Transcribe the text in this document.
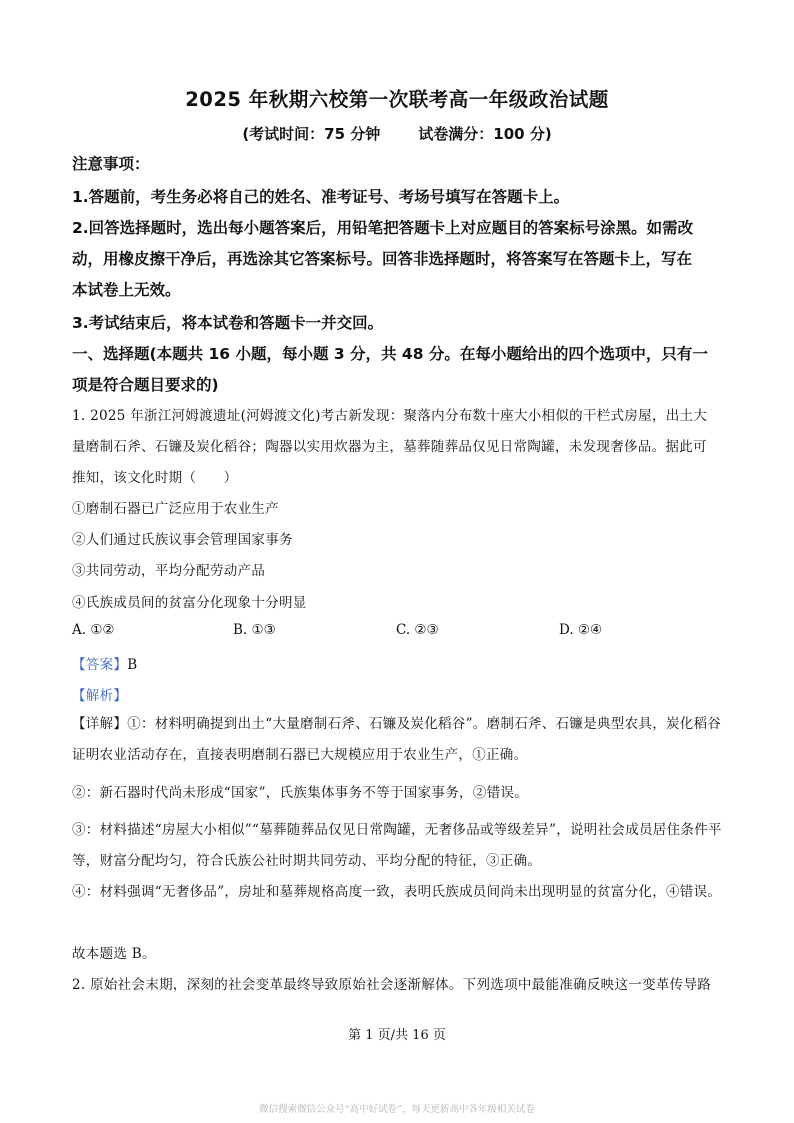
2025 年秋期六校第一次联考高一年级政治试题
(考试时间：75 分钟	试卷满分：100 分)
注意事项：
1.答题前，考生务必将自己的姓名、准考证号、考场号填写在答题卡上。
2.回答选择题时，选出每小题答案后，用铅笔把答题卡上对应题目的答案标号涂黑。如需改
动，用橡皮擦干净后，再选涂其它答案标号。回答非选择题时，将答案写在答题卡上，写在
本试卷上无效。
3.考试结束后，将本试卷和答题卡一并交回。
一、选择题(本题共 16 小题，每小题 3 分，共 48 分。在每小题给出的四个选项中，只有一
项是符合题目要求的)
1. 2025 年浙江河姆渡遗址(河姆渡文化)考古新发现：聚落内分布数十座大小相似的干栏式房屋，出土大
量磨制石斧、石镰及炭化稻谷；陶器以实用炊器为主，墓葬随葬品仅见日常陶罐，未发现奢侈品。据此可
推知，该文化时期（　　）
①磨制石器已广泛应用于农业生产
②人们通过氏族议事会管理国家事务
③共同劳动，平均分配劳动产品
④氏族成员间的贫富分化现象十分明显
A. ①②	B. ①③	C. ②③	D. ②④
【答案】B
【解析】
【详解】①：材料明确提到出土“大量磨制石斧、石镰及炭化稻谷”。磨制石斧、石镰是典型农具，炭化稻谷证明农业活动存在，直接表明磨制石器已大规模应用于农业生产，①正确。
②：新石器时代尚未形成“国家”，氏族集体事务不等于国家事务，②错误。
③：材料描述“房屋大小相似”“墓葬随葬品仅见日常陶罐，无奢侈品或等级差异”，说明社会成员居住条件平等，财富分配均匀，符合氏族公社时期共同劳动、平均分配的特征，③正确。
④：材料强调“无奢侈品”，房址和墓葬规格高度一致，表明氏族成员间尚未出现明显的贫富分化，④错误。
故本题选 B。
2. 原始社会末期，深刻的社会变革最终导致原始社会逐渐解体。下列选项中最能准确反映这一变革传导路
第 1 页/共 16 页
微信搜索微信公众号“高中好试卷”，每天更新高中各年级相关试卷
